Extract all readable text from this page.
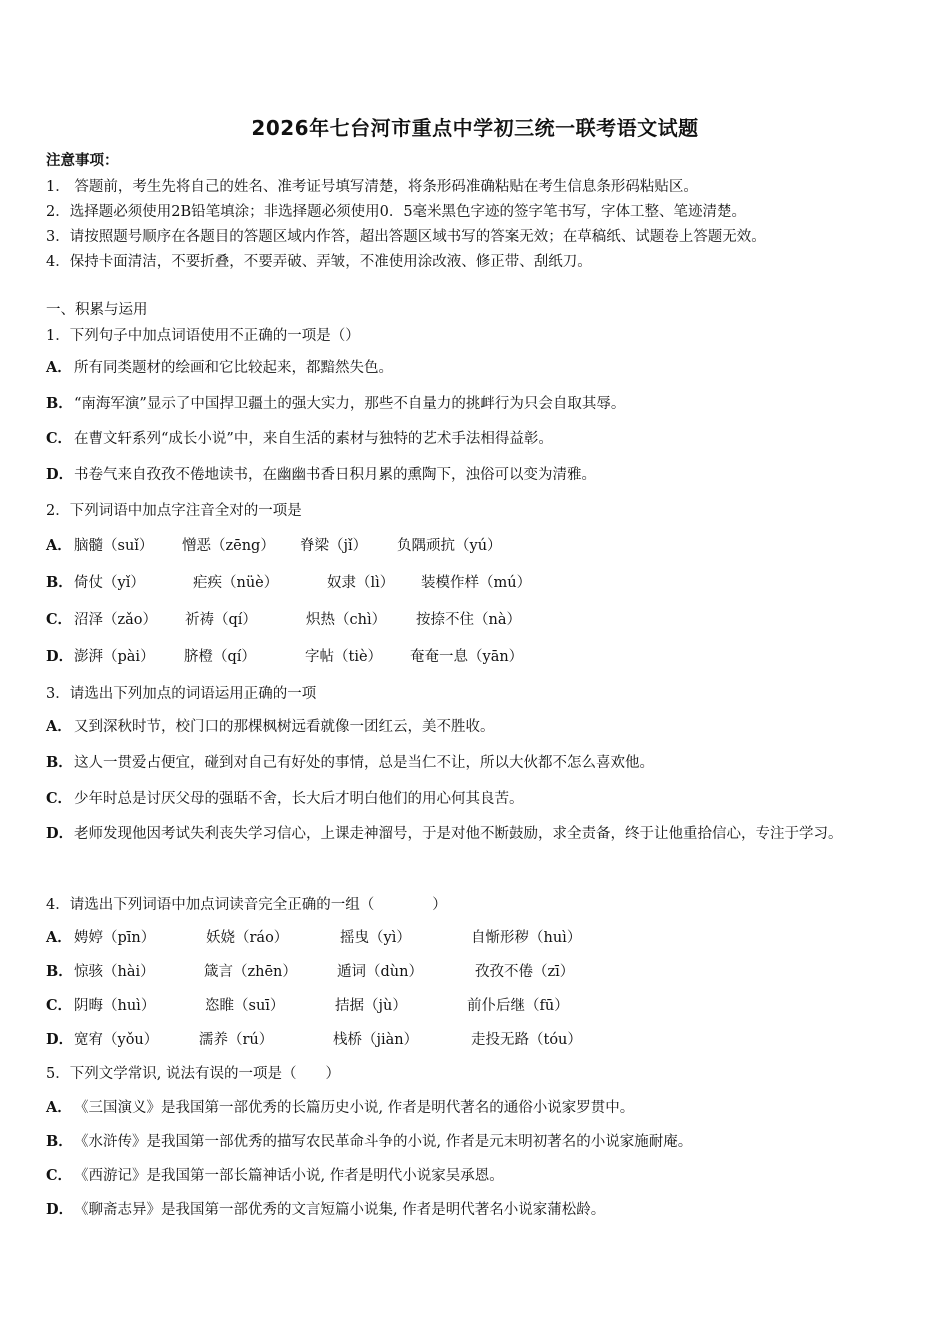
2026年七台河市重点中学初三统一联考语文试题
注意事项：
1． 答题前，考生先将自己的姓名、准考证号填写清楚，将条形码准确粘贴在考生信息条形码粘贴区。
2．选择题必须使用2B铅笔填涂；非选择题必须使用0．5毫米黑色字迹的签字笔书写，字体工整、笔迹清楚。
3．请按照题号顺序在各题目的答题区域内作答，超出答题区域书写的答案无效；在草稿纸、试题卷上答题无效。
4．保持卡面清洁，不要折叠，不要弄破、弄皱，不准使用涂改液、修正带、刮纸刀。
一、积累与运用
1．下列句子中加点词语使用不正确的一项是（）
A． 所有同类题材的绘画和它比较起来，都黯然失色。
B．“南海军演”显示了中国捍卫疆土的强大实力，那些不自量力的挑衅行为只会自取其辱。
C． 在曹文轩系列“成长小说”中，来自生活的素材与独特的艺术手法相得益彰。
D．书卷气来自孜孜不倦地读书，在幽幽书香日积月累的熏陶下，浊俗可以变为清雅。
2．下列词语中加点字注音全对的一项是
A． 脑髓（suǐ）	憎恶（zēng）	脊梁（jǐ）	负隅顽抗（yú）
B． 倚仗（yǐ）	疟疾（nüè）	奴隶（lì）	装模作样（mú）
C． 沼泽（zǎo）	祈祷（qí）	炽热（chì）	按捺不住（nà）
D． 澎湃（pài）	脐橙（qí）	字帖（tiè）	奄奄一息（yān）
3．请选出下列加点的词语运用正确的一项
A． 又到深秋时节，校门口的那棵枫树远看就像一团红云，美不胜收。
B．这人一贯爱占便宜，碰到对自己有好处的事情，总是当仁不让，所以大伙都不怎么喜欢他。
C． 少年时总是讨厌父母的强聒不舍，长大后才明白他们的用心何其良苦。
D．老师发现他因考试失利丧失学习信心，上课走神溜号，于是对他不断鼓励，求全责备，终于让他重拾信心，专注于学习。
4．请选出下列词语中加点词读音完全正确的一组（　　　　）
A． 娉婷（pīn）	妖娆（ráo）	摇曳（yì）	自惭形秽（huì）
B． 惊骇（hài）	箴言（zhēn）	遁词（dùn）	孜孜不倦（zī）
C． 阴晦（huì）	恣睢（suī）	拮据（jù）	前仆后继（fū）
D． 宽宥（yǒu）	濡养（rú）	栈桥（jiàn）	走投无路（tóu）
5．下列文学常识, 说法有误的一项是（　　）
A． 《三国演义》是我国第一部优秀的长篇历史小说, 作者是明代著名的通俗小说家罗贯中。
B．《水浒传》是我国第一部优秀的描写农民革命斗争的小说, 作者是元末明初著名的小说家施耐庵。
C． 《西游记》是我国第一部长篇神话小说, 作者是明代小说家吴承恩。
D．《聊斋志异》是我国第一部优秀的文言短篇小说集, 作者是明代著名小说家蒲松龄。
